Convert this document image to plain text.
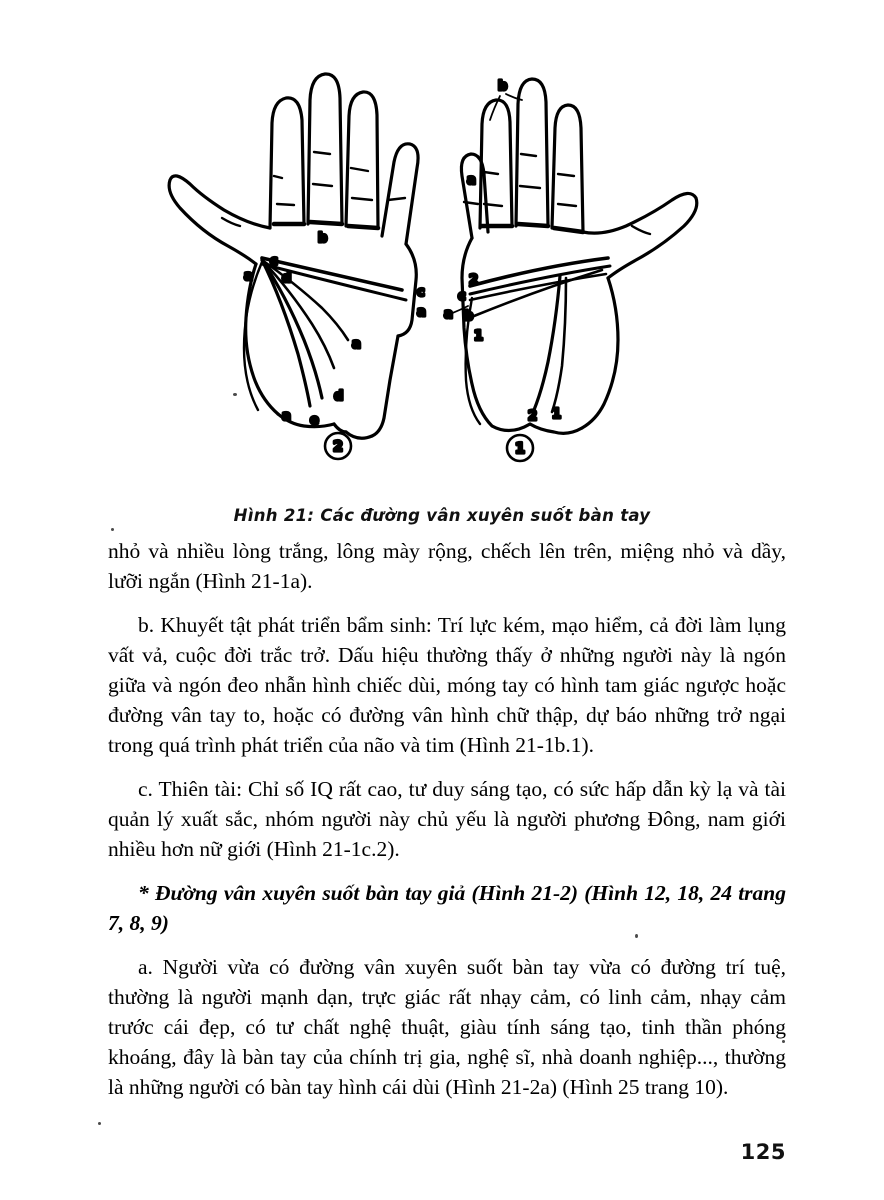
b
c
a d
c
a
a
d
e
a
2
b
a
2
c
a b
1
2 1
1
Hình 21: Các đường vân xuyên suốt bàn tay

nhỏ và nhiều lòng trắng, lông mày rộng, chếch lên trên, miệng nhỏ và dầy, lưỡi ngắn (Hình 21-1a).

b. Khuyết tật phát triển bẩm sinh: Trí lực kém, mạo hiểm, cả đời làm lụng vất vả, cuộc đời trắc trở. Dấu hiệu thường thấy ở những người này là ngón giữa và ngón đeo nhẫn hình chiếc dùi, móng tay có hình tam giác ngược hoặc đường vân tay to, hoặc có đường vân hình chữ thập, dự báo những trở ngại trong quá trình phát triển của não và tim (Hình 21-1b.1).

c. Thiên tài: Chỉ số IQ rất cao, tư duy sáng tạo, có sức hấp dẫn kỳ lạ và tài quản lý xuất sắc, nhóm người này chủ yếu là người phương Đông, nam giới nhiều hơn nữ giới (Hình 21-1c.2).

* Đường vân xuyên suốt bàn tay giả (Hình 21-2) (Hình 12, 18, 24 trang 7, 8, 9)

a. Người vừa có đường vân xuyên suốt bàn tay vừa có đường trí tuệ, thường là người mạnh dạn, trực giác rất nhạy cảm, có linh cảm, nhạy cảm trước cái đẹp, có tư chất nghệ thuật, giàu tính sáng tạo, tinh thần phóng khoáng, đây là bàn tay của chính trị gia, nghệ sĩ, nhà doanh nghiệp..., thường là những người có bàn tay hình cái dùi (Hình 21-2a) (Hình 25 trang 10).

125
